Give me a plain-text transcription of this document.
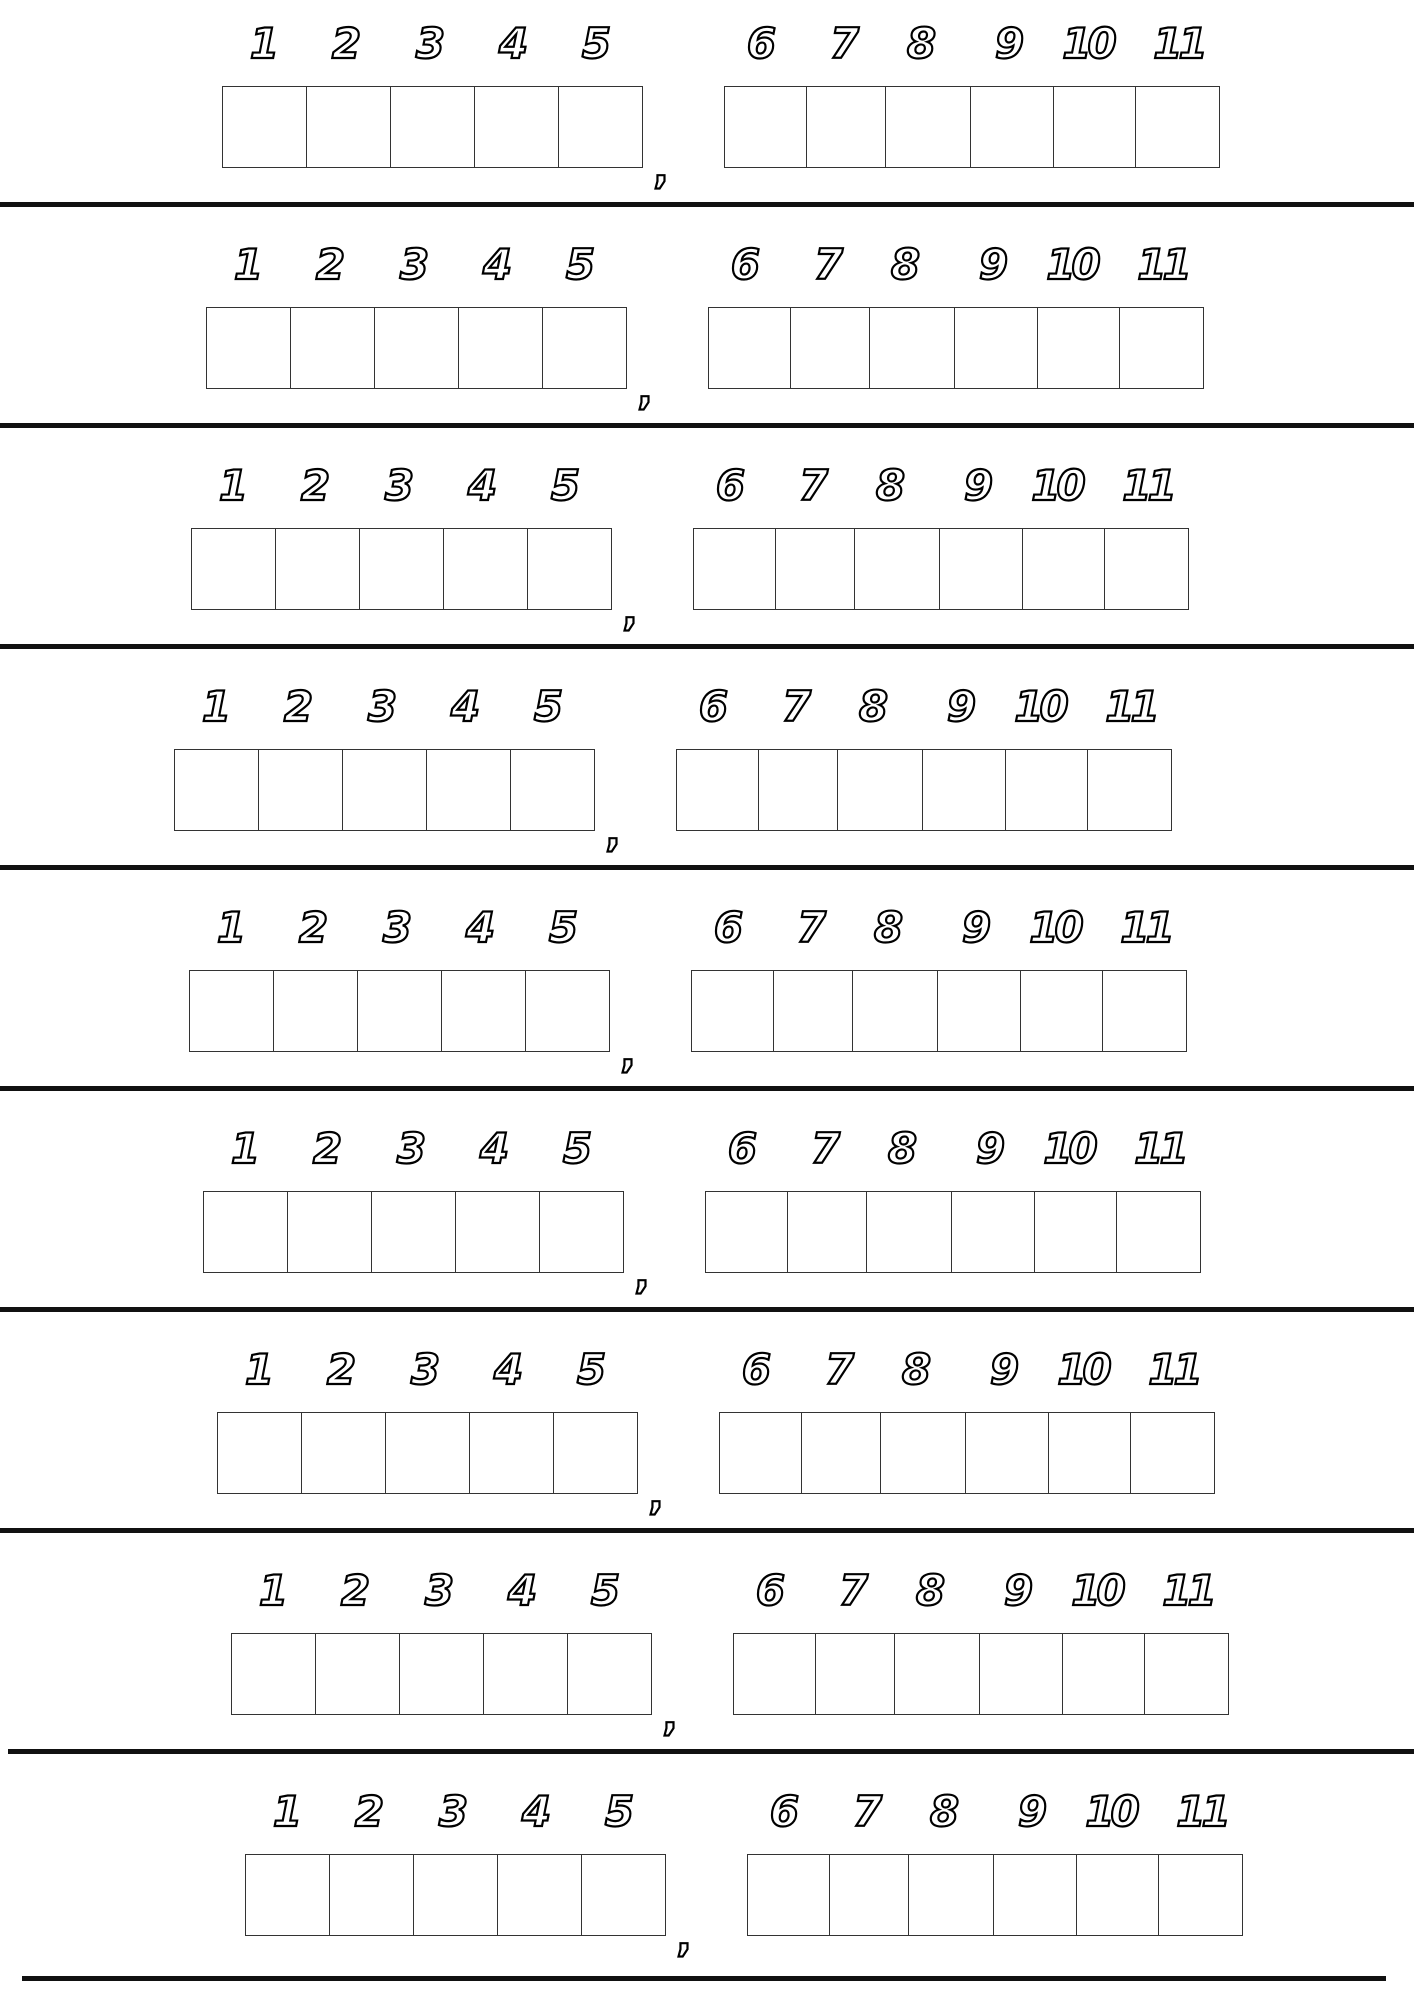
1	2	3	4	5
,
6	7	8	9 10 11
1	2	3	4	5
,
6	7	8	9 10 11
1	2	3	4	5
,
6	7	8	9 10 11
1	2	3	4	5
,
6	7	8	9 10 11
1	2	3	4	5
,
6	7	8	9 10 11
1	2	3	4	5
,
6	7	8	9 10 11
1	2	3	4	5
,
6	7	8	9 10 11
1	2	3	4	5
,
6	7	8	9 10 11
1	2	3	4	5
,
6	7	8	9 10 11
